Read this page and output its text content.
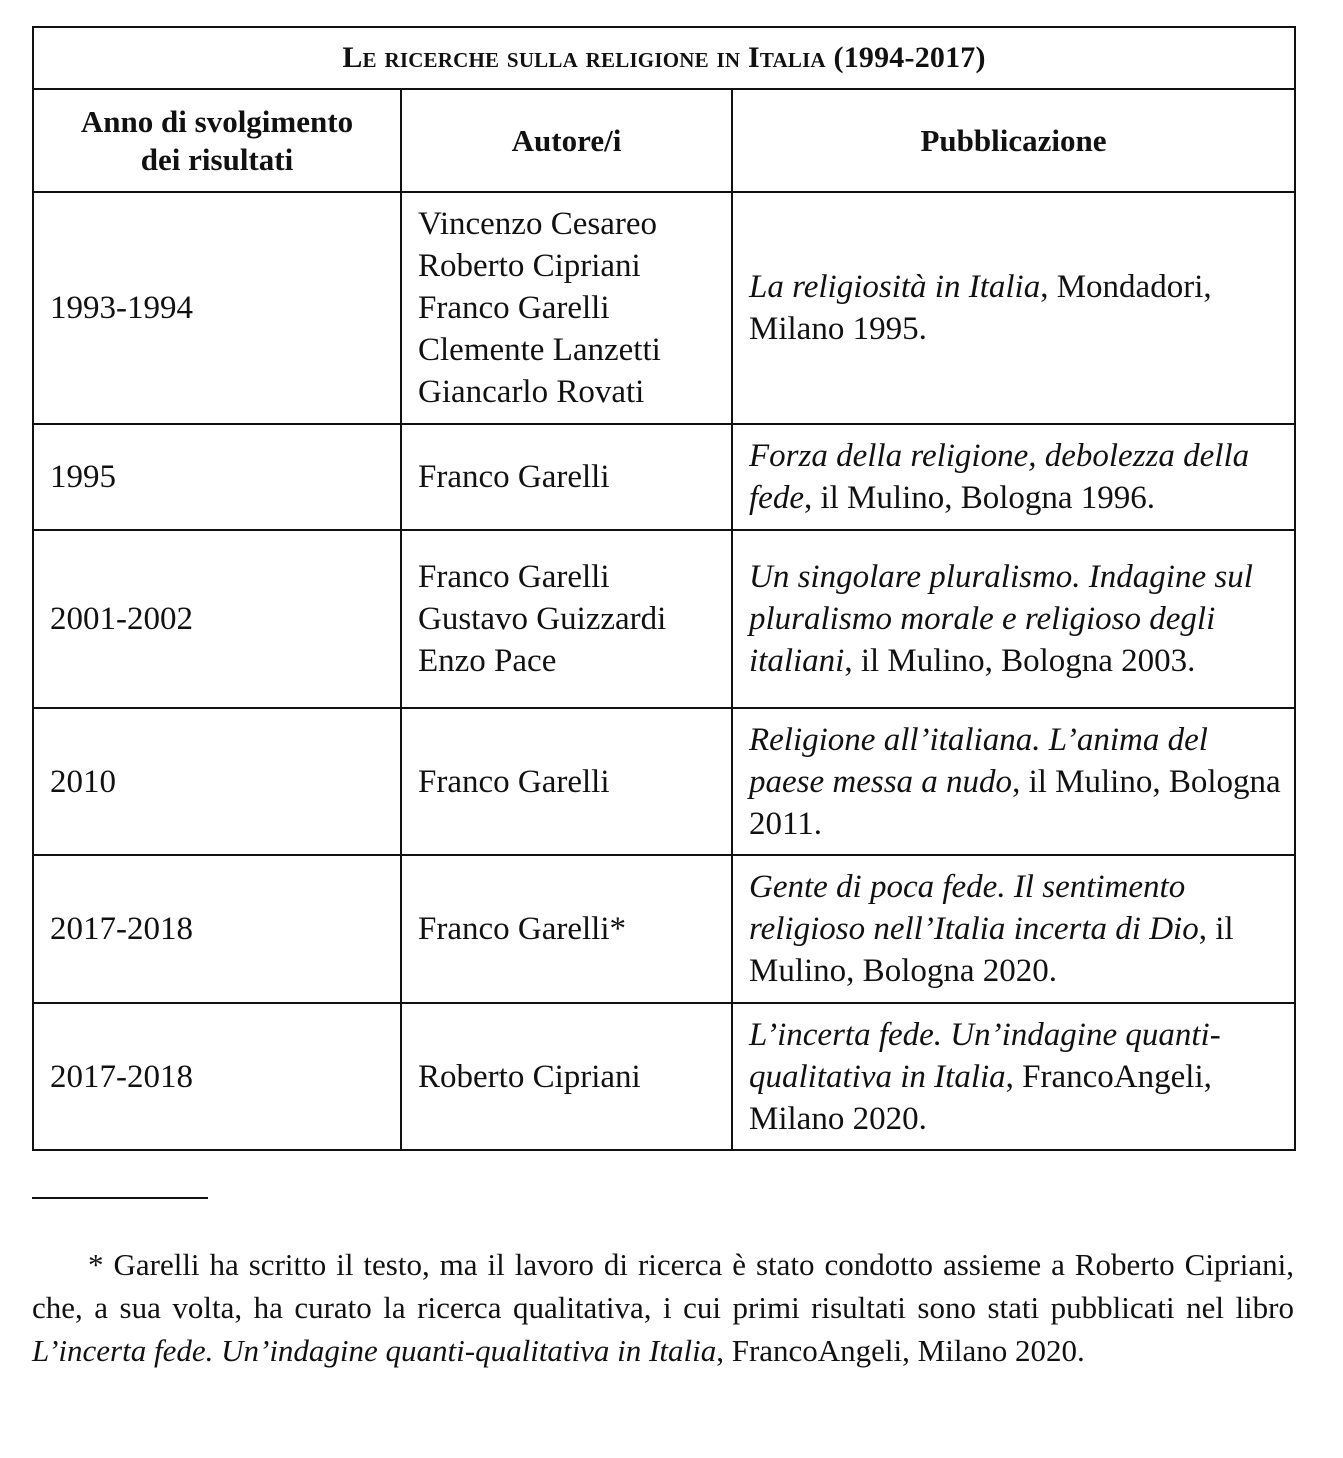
Le ricerche sulla religione in Italia (1994-2017)		

Anno di svolgimento
dei risultati	Autore/i	Pubblicazione
1993-1994	Vincenzo Cesareo
Roberto Cipriani
Franco Garelli
Clemente Lanzetti
Giancarlo Rovati	La religiosità in Italia, Mondadori, Milano 1995.
1995	Franco Garelli	Forza della religione, debolezza della fede, il Mulino, Bologna 1996.
2001-2002	Franco Garelli
Gustavo Guizzardi
Enzo Pace	Un singolare pluralismo. Indagine sul pluralismo morale e religioso degli italiani, il Mulino, Bologna 2003.
2010	Franco Garelli	Religione all’italiana. L’anima del paese messa a nudo, il Mulino, Bologna 2011.
2017-2018	Franco Garelli*	Gente di poca fede. Il sentimento religioso nell’Italia incerta di Dio, il Mulino, Bologna 2020.
2017-2018	Roberto Cipriani	L’incerta fede. Un’indagine quanti-qualitativa in Italia, FrancoAngeli, Milano 2020.

* Garelli ha scritto il testo, ma il lavoro di ricerca è stato condotto assieme a Roberto Cipriani, che, a sua volta, ha curato la ricerca qualitativa, i cui primi risultati sono stati pubblicati nel libro L’incerta fede. Un’indagine quanti-qualitativa in Italia, FrancoAngeli, Milano 2020.
